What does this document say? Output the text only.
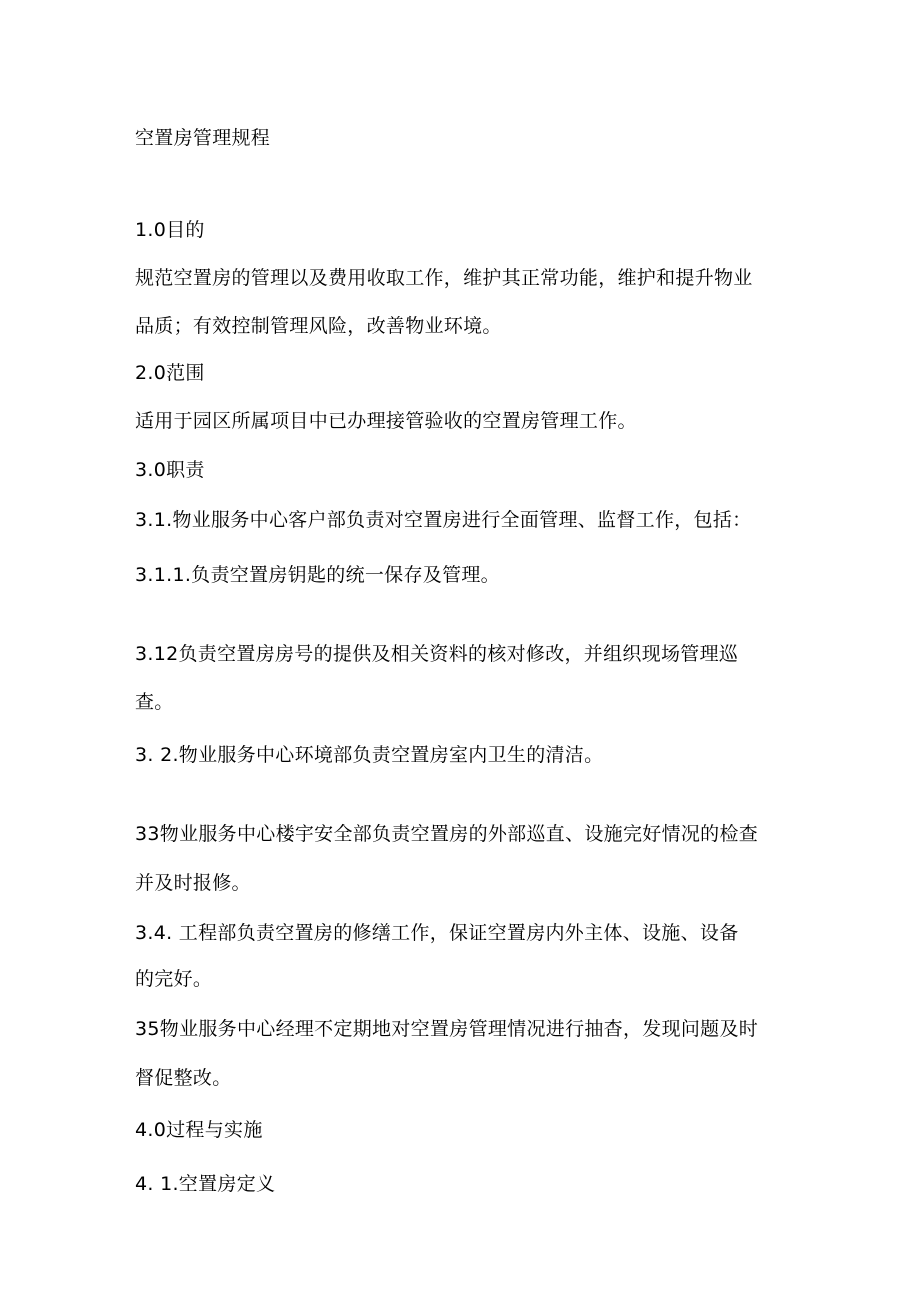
空置房管理规程
1.0目的
规范空置房的管理以及费用收取工作，维护其正常功能，维护和提升物业
品质；有效控制管理风险，改善物业环境。
2.0范围
适用于园区所属项目中已办理接管验收的空置房管理工作。
3.0职责
3.1.物业服务中心客户部负责对空置房进行全面管理、监督工作，包括：
3.1.1.负责空置房钥匙的统一保存及管理。
3.12负责空置房房号的提供及相关资料的核对修改，并组织现场管理巡
查。
3. 2.物业服务中心环境部负责空置房室内卫生的清洁。
33物业服务中心楼宇安全部负责空置房的外部巡直、设施完好情况的检查
并及时报修。
3.4. 工程部负责空置房的修缮工作，保证空置房内外主体、设施、设备
的完好。
35物业服务中心经理不定期地对空置房管理情况进行抽杳，发现问题及时
督促整改。
4.0过程与实施
4. 1.空置房定义
